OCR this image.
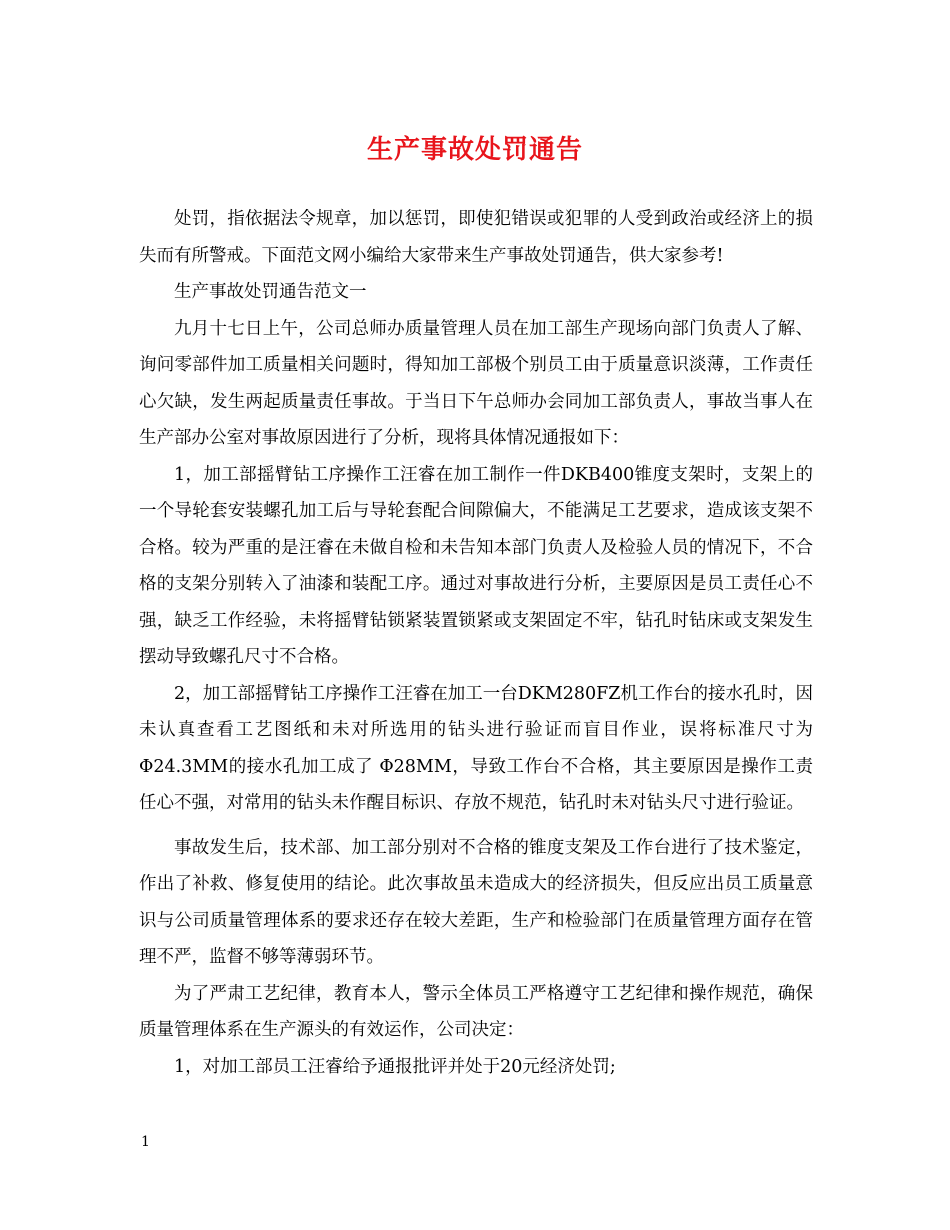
生产事故处罚通告

处罚，指依据法令规章，加以惩罚，即使犯错误或犯罪的人受到政治或经济上的损失而有所警戒。下面范文网小编给大家带来生产事故处罚通告，供大家参考!

生产事故处罚通告范文一

九月十七日上午，公司总师办质量管理人员在加工部生产现场向部门负责人了解、询问零部件加工质量相关问题时，得知加工部极个别员工由于质量意识淡薄，工作责任心欠缺，发生两起质量责任事故。于当日下午总师办会同加工部负责人，事故当事人在生产部办公室对事故原因进行了分析，现将具体情况通报如下：

1，加工部摇臂钻工序操作工汪睿在加工制作一件DKB400锥度支架时，支架上的一个导轮套安装螺孔加工后与导轮套配合间隙偏大，不能满足工艺要求，造成该支架不合格。较为严重的是汪睿在未做自检和未告知本部门负责人及检验人员的情况下，不合格的支架分别转入了油漆和装配工序。通过对事故进行分析，主要原因是员工责任心不强，缺乏工作经验，未将摇臂钻锁紧装置锁紧或支架固定不牢，钻孔时钻床或支架发生摆动导致螺孔尺寸不合格。

2，加工部摇臂钻工序操作工汪睿在加工一台DKM280FZ机工作台的接水孔时，因未认真查看工艺图纸和未对所选用的钻头进行验证而盲目作业，误将标准尺寸为Φ24.3MM的接水孔加工成了 Φ28MM，导致工作台不合格，其主要原因是操作工责任心不强，对常用的钻头未作醒目标识、存放不规范，钻孔时未对钻头尺寸进行验证。

事故发生后，技术部、加工部分别对不合格的锥度支架及工作台进行了技术鉴定，作出了补救、修复使用的结论。此次事故虽未造成大的经济损失，但反应出员工质量意识与公司质量管理体系的要求还存在较大差距，生产和检验部门在质量管理方面存在管理不严，监督不够等薄弱环节。

为了严肃工艺纪律，教育本人，警示全体员工严格遵守工艺纪律和操作规范，确保质量管理体系在生产源头的有效运作，公司决定：

1，对加工部员工汪睿给予通报批评并处于20元经济处罚;

1
